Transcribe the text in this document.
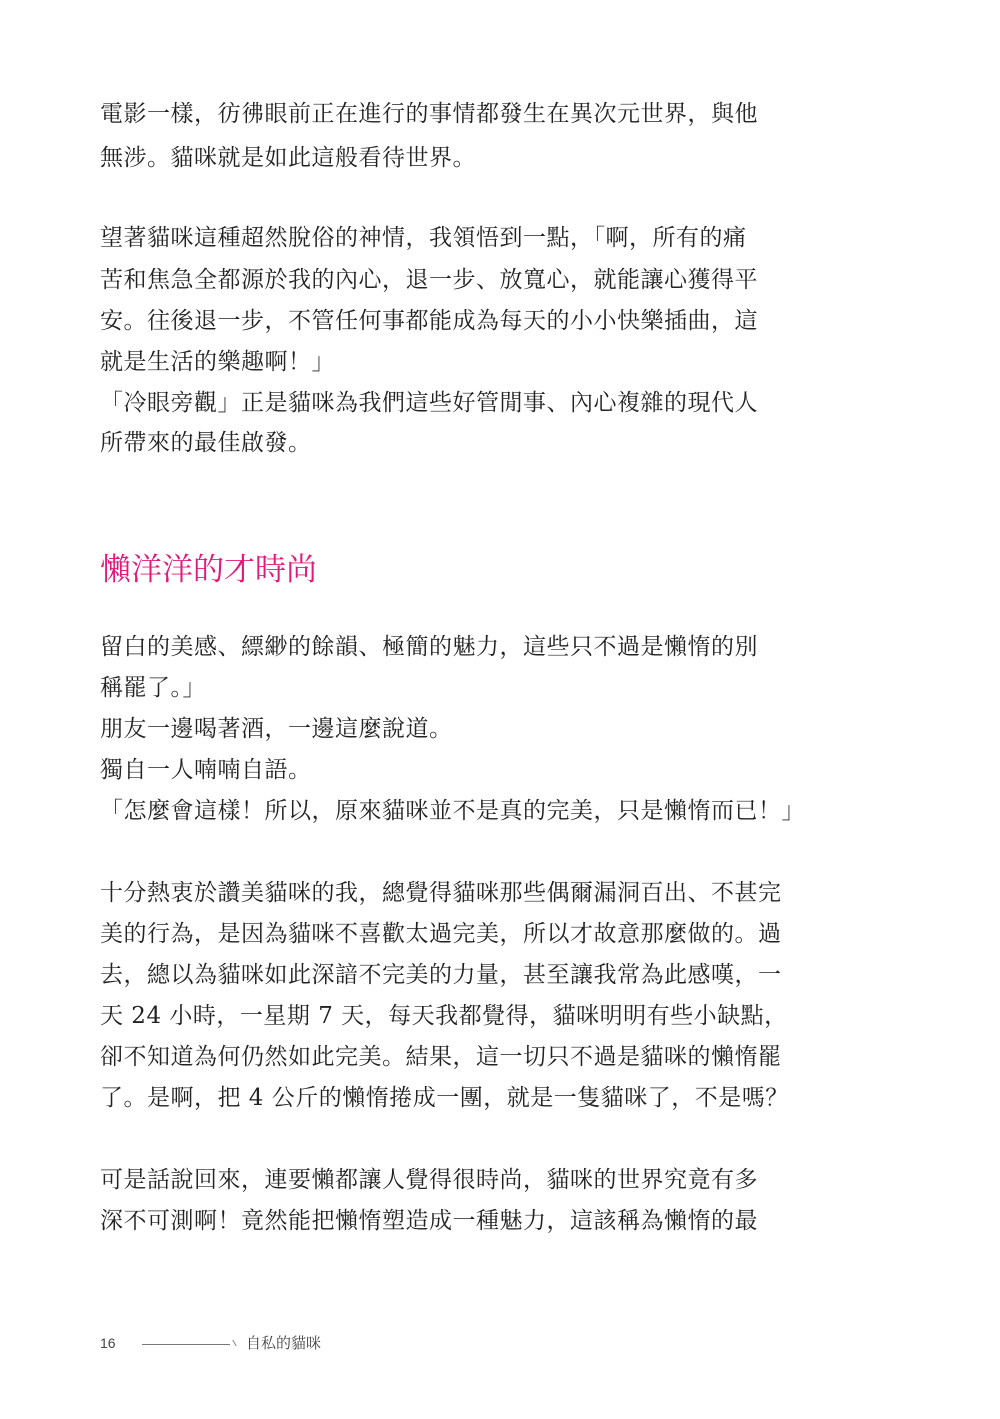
電影一樣，彷彿眼前正在進行的事情都發生在異次元世界，與他
無涉。貓咪就是如此這般看待世界。
望著貓咪這種超然脫俗的神情，我領悟到一點，「啊，所有的痛
苦和焦急全都源於我的內心，退一步、放寬心，就能讓心獲得平
安。往後退一步，不管任何事都能成為每天的小小快樂插曲，這
就是生活的樂趣啊！」
「冷眼旁觀」正是貓咪為我們這些好管閒事、內心複雜的現代人
所帶來的最佳啟發。
懶洋洋的才時尚
留白的美感、縹緲的餘韻、極簡的魅力，這些只不過是懶惰的別
稱罷了。」
朋友一邊喝著酒，一邊這麼說道。
獨自一人喃喃自語。
「怎麼會這樣！所以，原來貓咪並不是真的完美，只是懶惰而已！」
十分熱衷於讚美貓咪的我，總覺得貓咪那些偶爾漏洞百出、不甚完
美的行為，是因為貓咪不喜歡太過完美，所以才故意那麼做的。過
去，總以為貓咪如此深諳不完美的力量，甚至讓我常為此感嘆，一
天 24 小時，一星期 7 天，每天我都覺得，貓咪明明有些小缺點，
卻不知道為何仍然如此完美。結果，這一切只不過是貓咪的懶惰罷
了。是啊，把 4 公斤的懶惰捲成一團，就是一隻貓咪了，不是嗎？
可是話說回來，連要懶都讓人覺得很時尚，貓咪的世界究竟有多
深不可測啊！竟然能把懶惰塑造成一種魅力，這該稱為懶惰的最
16	自私的貓咪
